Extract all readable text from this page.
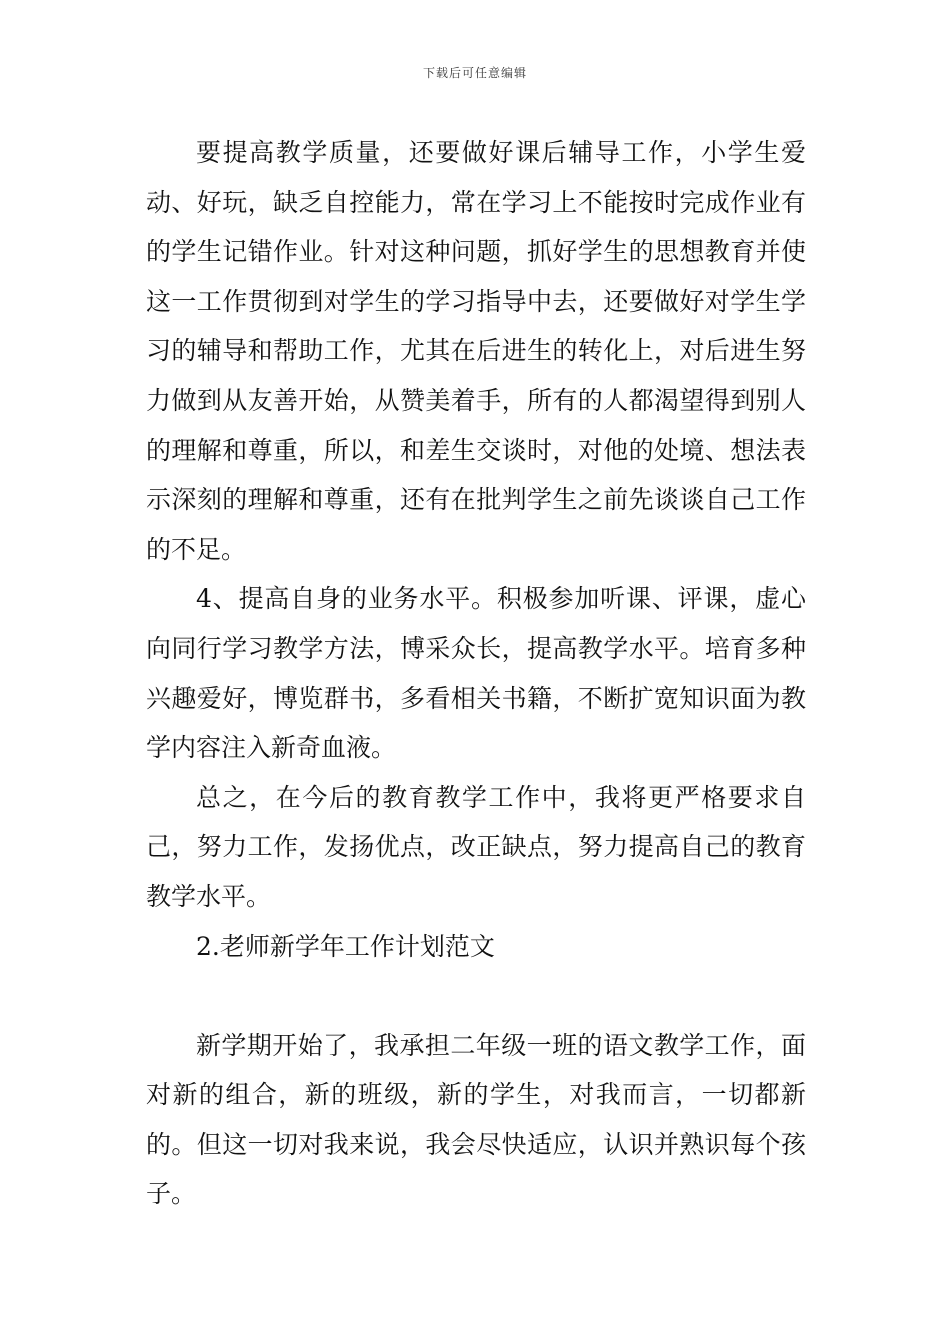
下载后可任意编辑

要提高教学质量，还要做好课后辅导工作，小学生爱动、好玩，缺乏自控能力，常在学习上不能按时完成作业有的学生记错作业。针对这种问题，抓好学生的思想教育并使这一工作贯彻到对学生的学习指导中去，还要做好对学生学习的辅导和帮助工作，尤其在后进生的转化上，对后进生努力做到从友善开始，从赞美着手，所有的人都渴望得到别人的理解和尊重，所以，和差生交谈时，对他的处境、想法表示深刻的理解和尊重，还有在批判学生之前先谈谈自己工作的不足。

4、提高自身的业务水平。积极参加听课、评课，虚心向同行学习教学方法，博采众长，提高教学水平。培育多种兴趣爱好，博览群书，多看相关书籍，不断扩宽知识面为教学内容注入新奇血液。

总之，在今后的教育教学工作中，我将更严格要求自己，努力工作，发扬优点，改正缺点，努力提高自己的教育教学水平。

2.老师新学年工作计划范文

新学期开始了，我承担二年级一班的语文教学工作，面对新的组合，新的班级，新的学生，对我而言，一切都新的。但这一切对我来说，我会尽快适应，认识并熟识每个孩子。
